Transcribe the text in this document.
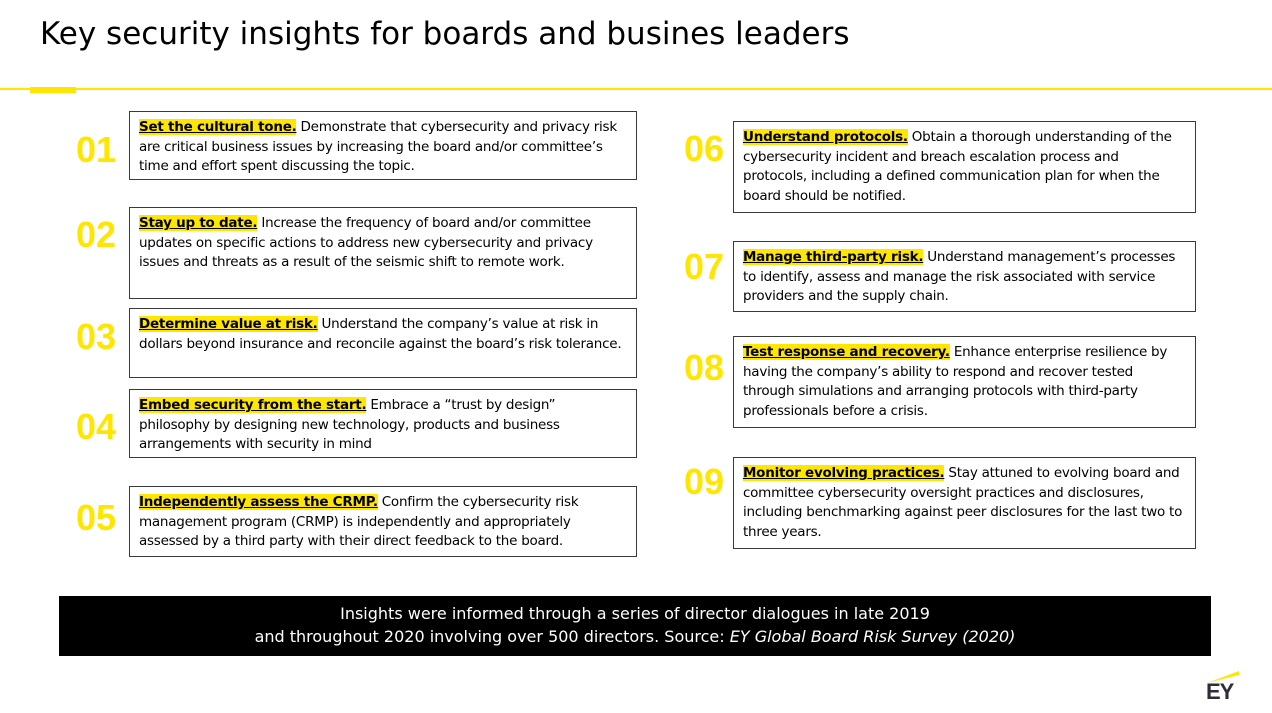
Key security insights for boards and busines leaders
01
Set the cultural tone. Demonstrate that cybersecurity and privacy risk are critical business issues by increasing the board and/or committee’s time and effort spent discussing the topic.
02	Stay up to date. Increase the frequency of board and/or committee updates on specific actions to address new cybersecurity and privacy issues and threats as a result of the seismic shift to remote work.
03	Determine value at risk. Understand the company’s value at risk in dollars beyond insurance and reconcile against the board’s risk tolerance.
04
Embed security from the start. Embrace a “trust by design” philosophy by designing new technology, products and business arrangements with security in mind
05	Independently assess the CRMP. Confirm the cybersecurity risk management program (CRMP) is independently and appropriately assessed by a third party with their direct feedback to the board.
06	Understand protocols. Obtain a thorough understanding of the cybersecurity incident and breach escalation process and protocols, including a defined communication plan for when the board should be notified.
07	Manage third-party risk. Understand management’s processes to identify, assess and manage the risk associated with service providers and the supply chain.
08	Test response and recovery. Enhance enterprise resilience by having the company’s ability to respond and recover tested through simulations and arranging protocols with third-party professionals before a crisis.
09	Monitor evolving practices. Stay attuned to evolving board and committee cybersecurity oversight practices and disclosures, including benchmarking against peer disclosures for the last two to three years.
Insights were informed through a series of director dialogues in late 2019
and throughout 2020 involving over 500 directors. Source: EY Global Board Risk Survey (2020)
EY
